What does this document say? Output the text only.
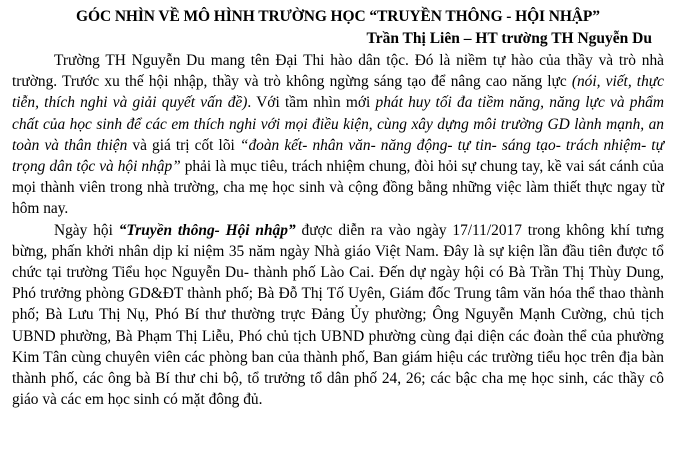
GÓC NHÌN VỀ MÔ HÌNH TRƯỜNG HỌC “TRUYỀN THÔNG - HỘI NHẬP”

Trần Thị Liên – HT trường TH Nguyễn Du

Trường TH Nguyễn Du mang tên Đại Thi hào dân tộc. Đó là niềm tự hào của thầy và trò nhà trường. Trước xu thế hội nhập, thầy và trò không ngừng sáng tạo để nâng cao năng lực (nói, viết, thực tiễn, thích nghi và giải quyết vấn đề). Với tầm nhìn mới phát huy tối đa tiềm năng, năng lực và phẩm chất của học sinh để các em thích nghi với mọi điều kiện, cùng xây dựng môi trường GD lành mạnh, an toàn và thân thiện và giá trị cốt lõi “đoàn kết- nhân văn- năng động- tự tin- sáng tạo- trách nhiệm- tự trọng dân tộc và hội nhập” phải là mục tiêu, trách nhiệm chung, đòi hỏi sự chung tay, kề vai sát cánh của mọi thành viên trong nhà trường, cha mẹ học sinh và cộng đồng bằng những việc làm thiết thực ngay từ hôm nay.

Ngày hội “Truyền thông- Hội nhập” được diễn ra vào ngày 17/11/2017 trong không khí tưng bừng, phấn khởi nhân dịp kỉ niệm 35 năm ngày Nhà giáo Việt Nam. Đây là sự kiện lần đầu tiên được tổ chức tại trường Tiểu học Nguyễn Du- thành phố Lào Cai. Đến dự ngày hội có Bà Trần Thị Thùy Dung, Phó trưởng phòng GD&ĐT thành phố; Bà Đỗ Thị Tố Uyên, Giám đốc Trung tâm văn hóa thể thao thành phố; Bà Lưu Thị Nụ, Phó Bí thư thường trực Đảng Ủy phường; Ông Nguyễn Mạnh Cường, chủ tịch UBND phường, Bà Phạm Thị Liễu, Phó chủ tịch UBND phường cùng đại diện các đoàn thể của phường Kim Tân cùng chuyên viên các phòng ban của thành phố, Ban giám hiệu các trường tiểu học trên địa bàn thành phố, các ông bà Bí thư chi bộ, tổ trưởng tổ dân phố 24, 26; các bậc cha mẹ học sinh, các thầy cô giáo và các em học sinh có mặt đông đủ.
